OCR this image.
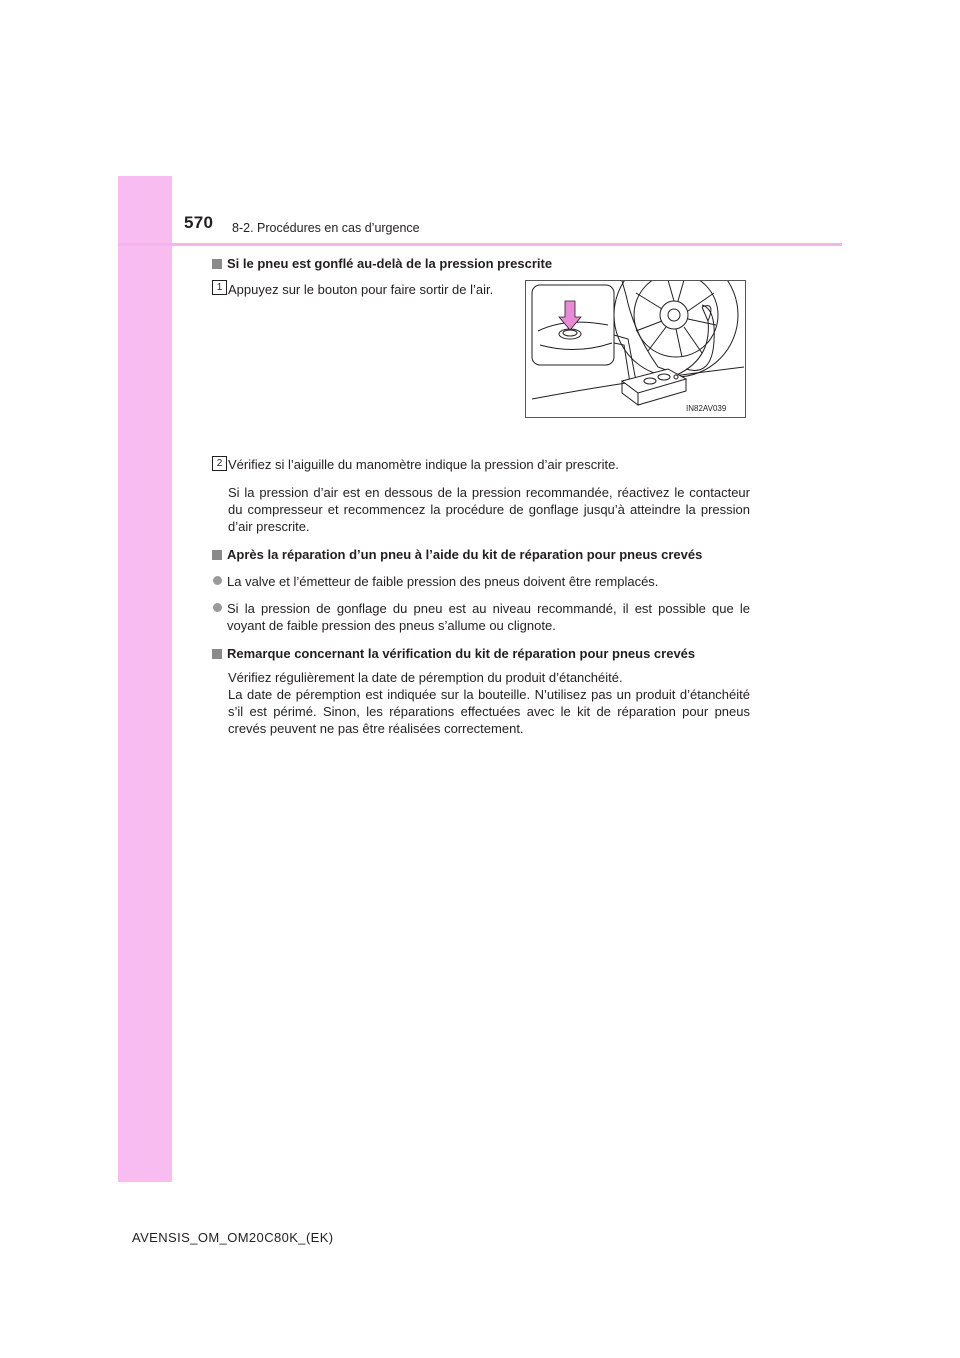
570 8-2. Procédures en cas d’urgence
Si le pneu est gonflé au-delà de la pression prescrite
1 Appuyez sur le bouton pour faire sortir de l’air.
IN82AV039
2 Vérifiez si l’aiguille du manomètre indique la pression d’air prescrite.
Si la pression d’air est en dessous de la pression recommandée, réactivez le contacteur du compresseur et recommencez la procédure de gonflage jusqu’à atteindre la pression d’air prescrite.
Après la réparation d’un pneu à l’aide du kit de réparation pour pneus crevés
La valve et l’émetteur de faible pression des pneus doivent être remplacés.
Si la pression de gonflage du pneu est au niveau recommandé, il est possible que le voyant de faible pression des pneus s’allume ou clignote.
Remarque concernant la vérification du kit de réparation pour pneus crevés
Vérifiez régulièrement la date de péremption du produit d’étanchéité.
La date de péremption est indiquée sur la bouteille. N’utilisez pas un produit d’étanchéité s’il est périmé. Sinon, les réparations effectuées avec le kit de réparation pour pneus crevés peuvent ne pas être réalisées correctement.
AVENSIS_OM_OM20C80K_(EK)
